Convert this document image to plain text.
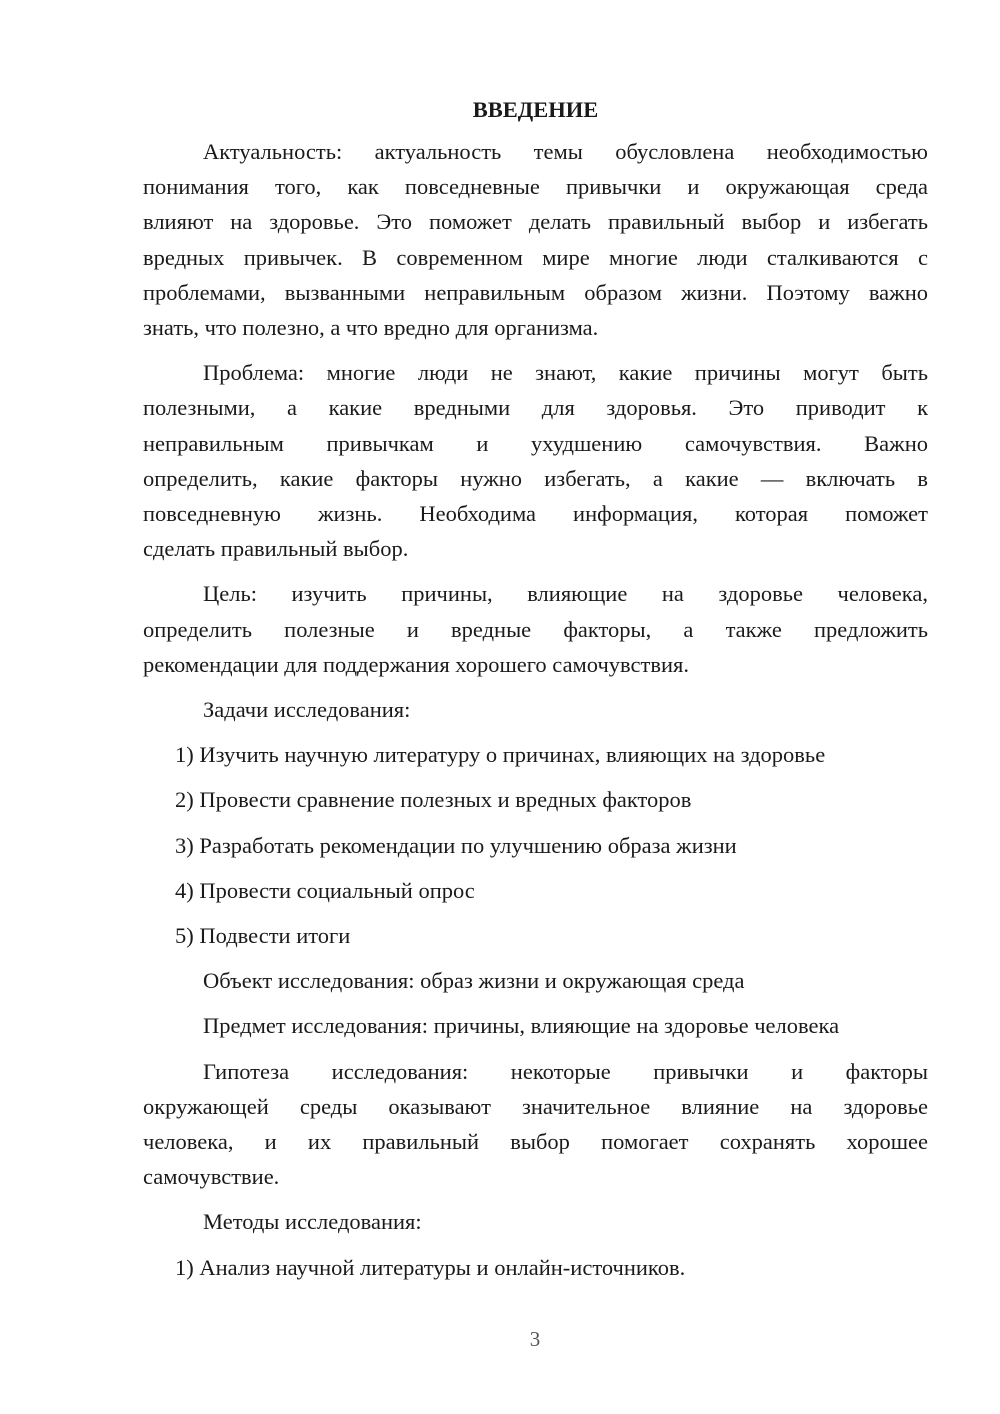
ВВЕДЕНИЕ
Актуальность: актуальность темы обусловлена необходимостью
понимания того, как повседневные привычки и окружающая среда
влияют на здоровье. Это поможет делать правильный выбор и избегать
вредных привычек. В современном мире многие люди сталкиваются с
проблемами, вызванными неправильным образом жизни. Поэтому важно
знать, что полезно, а что вредно для организма.
Проблема: многие люди не знают, какие причины могут быть
полезными, а какие вредными для здоровья. Это приводит к
неправильным привычкам и ухудшению самочувствия. Важно
определить, какие факторы нужно избегать, а какие — включать в
повседневную жизнь. Необходима информация, которая поможет
сделать правильный выбор.
Цель: изучить причины, влияющие на здоровье человека,
определить полезные и вредные факторы, а также предложить
рекомендации для поддержания хорошего самочувствия.
Задачи исследования:
1) Изучить научную литературу о причинах, влияющих на здоровье
2) Провести сравнение полезных и вредных факторов
3) Разработать рекомендации по улучшению образа жизни
4) Провести социальный опрос
5) Подвести итоги
Объект исследования: образ жизни и окружающая среда
Предмет исследования: причины, влияющие на здоровье человека
Гипотеза исследования: некоторые привычки и факторы
окружающей среды оказывают значительное влияние на здоровье
человека, и их правильный выбор помогает сохранять хорошее
самочувствие.
Методы исследования:
1) Анализ научной литературы и онлайн-источников.
3
